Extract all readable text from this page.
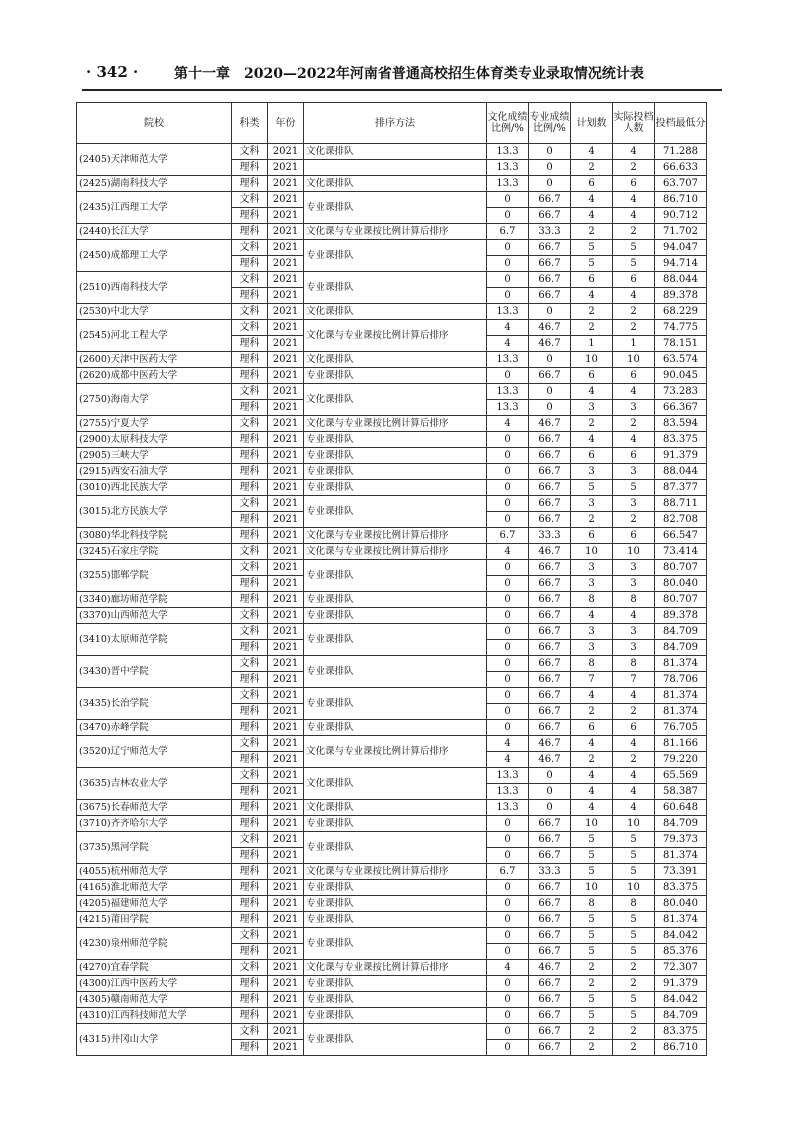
· 342 ·	第十一章　2020—2022年河南省普通高校招生体育类专业录取情况统计表
院校	科类	年份	排序方法	文化成绩比例/%	专业成绩比例/%	计划数	实际投档人数	投档最低分
(2405)天津师范大学	文科	2021	文化课排队	13.3	0	4	4	71.288
	理科	2021		13.3	0	2	2	66.633
(2425)湖南科技大学	理科	2021	文化课排队	13.3	0	6	6	63.707
(2435)江西理工大学	文科	2021	专业课排队	0	66.7	4	4	86.710
	理科	2021		0	66.7	4	4	90.712
(2440)长江大学	理科	2021	文化课与专业课按比例计算后排序	6.7	33.3	2	2	71.702
(2450)成都理工大学	文科	2021	专业课排队	0	66.7	5	5	94.047
	理科	2021		0	66.7	5	5	94.714
(2510)西南科技大学	文科	2021	专业课排队	0	66.7	6	6	88.044
	理科	2021		0	66.7	4	4	89.378
(2530)中北大学	文科	2021	文化课排队	13.3	0	2	2	68.229
(2545)河北工程大学	文科	2021	文化课与专业课按比例计算后排序	4	46.7	2	2	74.775
	理科	2021		4	46.7	1	1	78.151
(2600)天津中医药大学	理科	2021	文化课排队	13.3	0	10	10	63.574
(2620)成都中医药大学	理科	2021	专业课排队	0	66.7	6	6	90.045
(2750)海南大学	文科	2021	文化课排队	13.3	0	4	4	73.283
	理科	2021		13.3	0	3	3	66.367
(2755)宁夏大学	文科	2021	文化课与专业课按比例计算后排序	4	46.7	2	2	83.594
(2900)太原科技大学	理科	2021	专业课排队	0	66.7	4	4	83.375
(2905)三峡大学	理科	2021	专业课排队	0	66.7	6	6	91.379
(2915)西安石油大学	理科	2021	专业课排队	0	66.7	3	3	88.044
(3010)西北民族大学	理科	2021	专业课排队	0	66.7	5	5	87.377
(3015)北方民族大学	文科	2021	专业课排队	0	66.7	3	3	88.711
	理科	2021		0	66.7	2	2	82.708
(3080)华北科技学院	理科	2021	文化课与专业课按比例计算后排序	6.7	33.3	6	6	66.547
(3245)石家庄学院	文科	2021	文化课与专业课按比例计算后排序	4	46.7	10	10	73.414
(3255)邯郸学院	文科	2021	专业课排队	0	66.7	3	3	80.707
	理科	2021		0	66.7	3	3	80.040
(3340)廊坊师范学院	理科	2021	专业课排队	0	66.7	8	8	80.707
(3370)山西师范大学	文科	2021	专业课排队	0	66.7	4	4	89.378
(3410)太原师范学院	文科	2021	专业课排队	0	66.7	3	3	84.709
	理科	2021		0	66.7	3	3	84.709
(3430)晋中学院	文科	2021	专业课排队	0	66.7	8	8	81.374
	理科	2021		0	66.7	7	7	78.706
(3435)长治学院	文科	2021	专业课排队	0	66.7	4	4	81.374
	理科	2021		0	66.7	2	2	81.374
(3470)赤峰学院	理科	2021	专业课排队	0	66.7	6	6	76.705
(3520)辽宁师范大学	文科	2021	文化课与专业课按比例计算后排序	4	46.7	4	4	81.166
	理科	2021		4	46.7	2	2	79.220
(3635)吉林农业大学	文科	2021	文化课排队	13.3	0	4	4	65.569
	理科	2021		13.3	0	4	4	58.387
(3675)长春师范大学	理科	2021	文化课排队	13.3	0	4	4	60.648
(3710)齐齐哈尔大学	理科	2021	专业课排队	0	66.7	10	10	84.709
(3735)黑河学院	文科	2021	专业课排队	0	66.7	5	5	79.373
	理科	2021		0	66.7	5	5	81.374
(4055)杭州师范大学	理科	2021	文化课与专业课按比例计算后排序	6.7	33.3	5	5	73.391
(4165)淮北师范大学	理科	2021	专业课排队	0	66.7	10	10	83.375
(4205)福建师范大学	理科	2021	专业课排队	0	66.7	8	8	80.040
(4215)莆田学院	理科	2021	专业课排队	0	66.7	5	5	81.374
(4230)泉州师范学院	文科	2021	专业课排队	0	66.7	5	5	84.042
	理科	2021		0	66.7	5	5	85.376
(4270)宜春学院	文科	2021	文化课与专业课按比例计算后排序	4	46.7	2	2	72.307
(4300)江西中医药大学	理科	2021	专业课排队	0	66.7	2	2	91.379
(4305)赣南师范大学	理科	2021	专业课排队	0	66.7	5	5	84.042
(4310)江西科技师范大学	理科	2021	专业课排队	0	66.7	5	5	84.709
(4315)井冈山大学	文科	2021	专业课排队	0	66.7	2	2	83.375
	理科	2021		0	66.7	2	2	86.710
